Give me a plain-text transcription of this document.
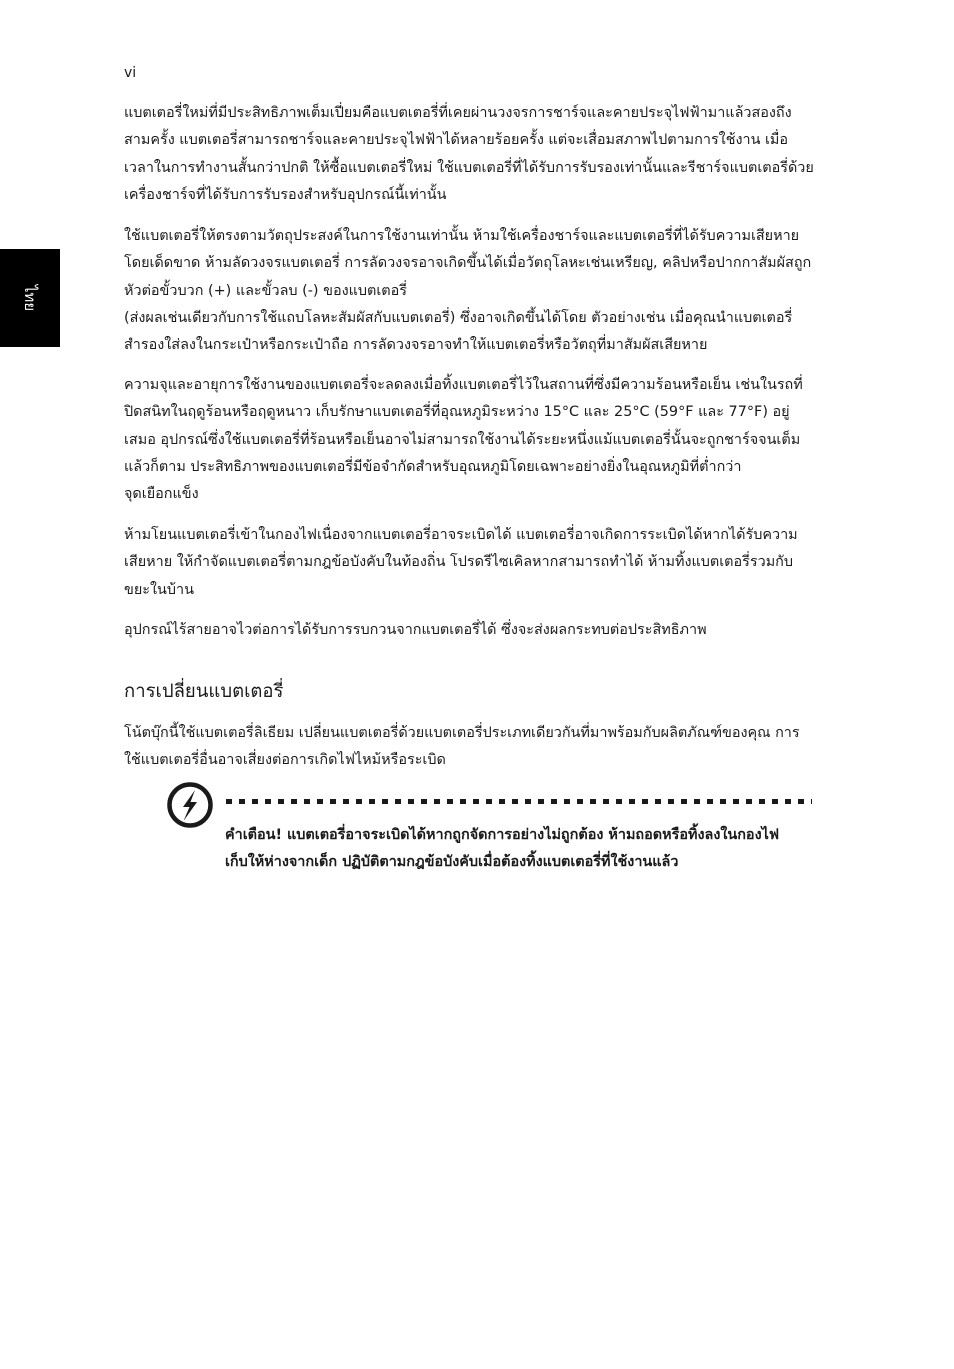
vi
ไทย

แบตเตอรี่ใหม่ที่มีประสิทธิภาพเต็มเปี่ยมคือแบตเตอรี่ที่เคยผ่านวงจรการชาร์จและคายประจุไฟฟ้ามาแล้วสองถึงสามครั้ง แบตเตอรี่สามารถชาร์จและคายประจุไฟฟ้าได้หลายร้อยครั้ง แต่จะเสื่อมสภาพไปตามการใช้งาน เมื่อเวลาในการทำงานสั้นกว่าปกติ ให้ซื้อแบตเตอรี่ใหม่ ใช้แบตเตอรี่ที่ได้รับการรับรองเท่านั้นและรีชาร์จแบตเตอรี่ด้วยเครื่องชาร์จที่ได้รับการรับรองสำหรับอุปกรณ์นี้เท่านั้น

ใช้แบตเตอรี่ให้ตรงตามวัตถุประสงค์ในการใช้งานเท่านั้น ห้ามใช้เครื่องชาร์จและแบตเตอรี่ที่ได้รับความเสียหายโดยเด็ดขาด ห้ามลัดวงจรแบตเตอรี่ การลัดวงจรอาจเกิดขึ้นได้เมื่อวัตถุโลหะเช่นเหรียญ, คลิปหรือปากกาสัมผัสถูกหัวต่อขั้วบวก (+) และขั้วลบ (-) ของแบตเตอรี่
(ส่งผลเช่นเดียวกับการใช้แถบโลหะสัมผัสกับแบตเตอรี่) ซึ่งอาจเกิดขึ้นได้โดย ตัวอย่างเช่น เมื่อคุณนำแบตเตอรี่สำรองใส่ลงในกระเป๋าหรือกระเป๋าถือ การลัดวงจรอาจทำให้แบตเตอรี่หรือวัตถุที่มาสัมผัสเสียหาย

ความจุและอายุการใช้งานของแบตเตอรี่จะลดลงเมื่อทิ้งแบตเตอรี่ไว้ในสถานที่ซึ่งมีความร้อนหรือเย็น เช่นในรถที่ปิดสนิทในฤดูร้อนหรือฤดูหนาว เก็บรักษาแบตเตอรี่ที่อุณหภูมิระหว่าง 15°C และ 25°C (59°F และ 77°F) อยู่เสมอ อุปกรณ์ซึ่งใช้แบตเตอรี่ที่ร้อนหรือเย็นอาจไม่สามารถใช้งานได้ระยะหนึ่งแม้แบตเตอรี่นั้นจะถูกชาร์จจนเต็มแล้วก็ตาม ประสิทธิภาพของแบตเตอรี่มีข้อจำกัดสำหรับอุณหภูมิโดยเฉพาะอย่างยิ่งในอุณหภูมิที่ต่ำกว่าจุดเยือกแข็ง

ห้ามโยนแบตเตอรี่เข้าในกองไฟเนื่องจากแบตเตอรี่อาจระเบิดได้ แบตเตอรี่อาจเกิดการระเบิดได้หากได้รับความเสียหาย ให้กำจัดแบตเตอรี่ตามกฎข้อบังคับในท้องถิ่น โปรดรีไซเคิลหากสามารถทำได้ ห้ามทิ้งแบตเตอรี่รวมกับขยะในบ้าน

อุปกรณ์ไร้สายอาจไวต่อการได้รับการรบกวนจากแบตเตอรี่ได้ ซึ่งจะส่งผลกระทบต่อประสิทธิภาพ

การเปลี่ยนแบตเตอรี่

โน้ตบุ๊กนี้ใช้แบตเตอรี่ลิเธียม เปลี่ยนแบตเตอรี่ด้วยแบตเตอรี่ประเภทเดียวกันที่มาพร้อมกับผลิตภัณฑ์ของคุณ การใช้แบตเตอรี่อื่นอาจเสี่ยงต่อการเกิดไฟไหม้หรือระเบิด

คำเตือน! แบตเตอรี่อาจระเบิดได้หากถูกจัดการอย่างไม่ถูกต้อง ห้ามถอดหรือทิ้งลงในกองไฟ เก็บให้ห่างจากเด็ก ปฏิบัติตามกฎข้อบังคับเมื่อต้องทิ้งแบตเตอรี่ที่ใช้งานแล้ว
